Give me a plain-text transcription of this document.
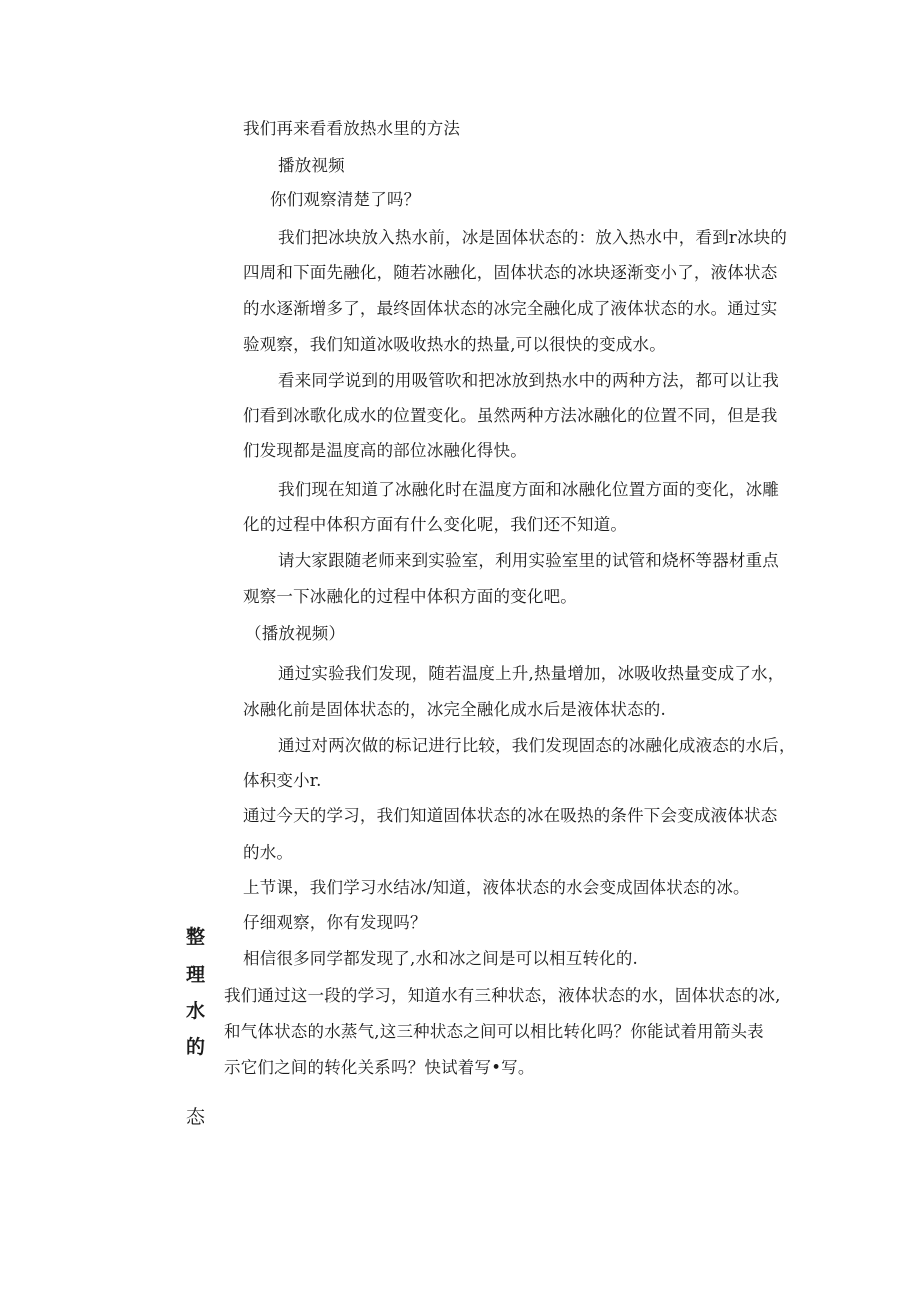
我们再来看看放热水里的方法
播放视频
你们观察清楚了吗？
我们把冰块放入热水前，冰是固体状态的：放入热水中，看到r冰块的
四周和下面先融化，随若冰融化，固体状态的冰块逐渐变小了，液体状态
的水逐渐增多了，最终固体状态的冰完全融化成了液体状态的水。通过实
验观察，我们知道冰吸收热水的热量,可以很快的变成水。
看来同学说到的用吸管吹和把冰放到热水中的两种方法，都可以让我
们看到冰歌化成水的位置变化。虽然两种方法冰融化的位置不同，但是我
们发现都是温度高的部位冰融化得快。
我们现在知道了冰融化时在温度方面和冰融化位置方面的变化，冰雕
化的过程中体积方面有什么变化呢，我们还不知道。
请大家跟随老师来到实验室，利用实验室里的试管和烧杯等器材重点
观察一下冰融化的过程中体积方面的变化吧。
（播放视频）
通过实验我们发现，随若温度上升,热量增加，冰吸收热量变成了水，
冰融化前是固体状态的，冰完全融化成水后是液体状态的.
通过对两次做的标记进行比较，我们发现固态的冰融化成液态的水后，
体积变小r.
通过今天的学习，我们知道固体状态的冰在吸热的条件下会变成液体状态
的水。
上节课，我们学习水结冰/知道，液体状态的水会变成固体状态的冰。
仔细观察，你有发现吗？
相信很多同学都发现了,水和冰之间是可以相互转化的.
我们通过这一段的学习，知道水有三种状态，液体状态的水，固体状态的冰,
和气体状态的水蒸气,这三种状态之间可以相比转化吗？你能试着用箭头表
示它们之间的转化关系吗？快试着写•写。
整
理
水
的
态
